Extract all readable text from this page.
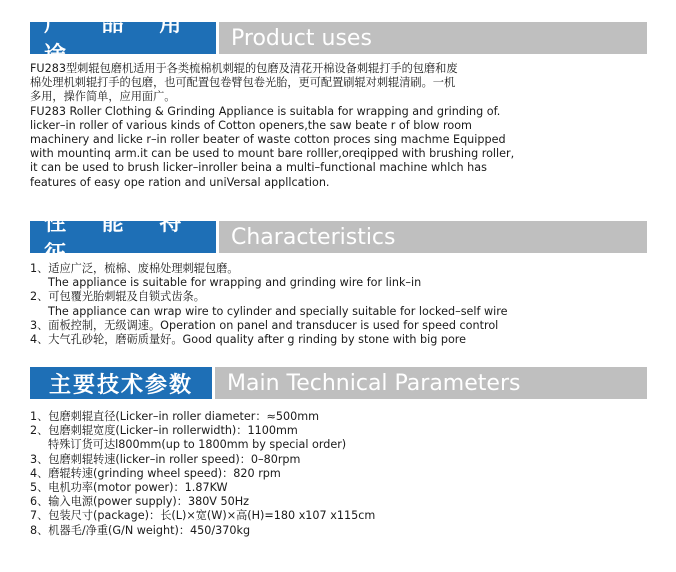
产 品 用 途
Product uses
FU283型刺辊包磨机适用于各类梳棉机刺辊的包磨及清花开棉设备刺辊打手的包磨和废
棉处理机刺辊打手的包磨，也可配置包卷臂包卷光胎，更可配置刷辊对刺辊清刷。一机
多用，操作简单，应用面广。
FU283 Roller Clothing & Grinding Appliance is suitabla for wrapping and grinding of.
licker–in roller of various kinds of Cotton openers,the saw beate r of blow room
machinery and licke r–in roller beater of waste cotton proces sing machme Equipped
with mountinq arm.it can be used to mount bare rolller,oreqipped with brushing roller,
it can be used to brush licker–inroller beina a multi–functional machine whlch has
features of easy ope ration and uniVersal appllcation.
性 能 特 征
Characteristics
1、适应广泛，梳棉、废棉处理刺辊包磨。
The appliance is suitable for wrapping and grinding wire for link–in
2、可包覆光胎刺辊及自锁式齿条。
The appliance can wrap wire to cylinder and specially suitable for locked–self wire
3、面板控制，无级调速。Operation on panel and transducer is used for speed control
4、大气孔砂轮，磨砺质量好。Good quality after g rinding by stone with big pore
主要技术参数	Main Technical Parameters
1、包磨刺辊直径(Licker–in roller diameter：≈500mm
2、包磨刺辊宽度(Licker–in rollerwidth)：1100mm
特殊订货可达l800mm(up to 1800mm by special order)
3、包磨刺辊转速(licker–in roller speed)：0–80rpm
4、磨辊转速(grinding wheel speed)：820 rpm
5、电机功率(motor power)：1.87KW
6、输入电源(power supply)：380V 50Hz
7、包装尺寸(package)：长(L)×宽(W)×高(H)=180 x107 x115cm
8、机器毛/净重(G/N weight)：450/370kg
